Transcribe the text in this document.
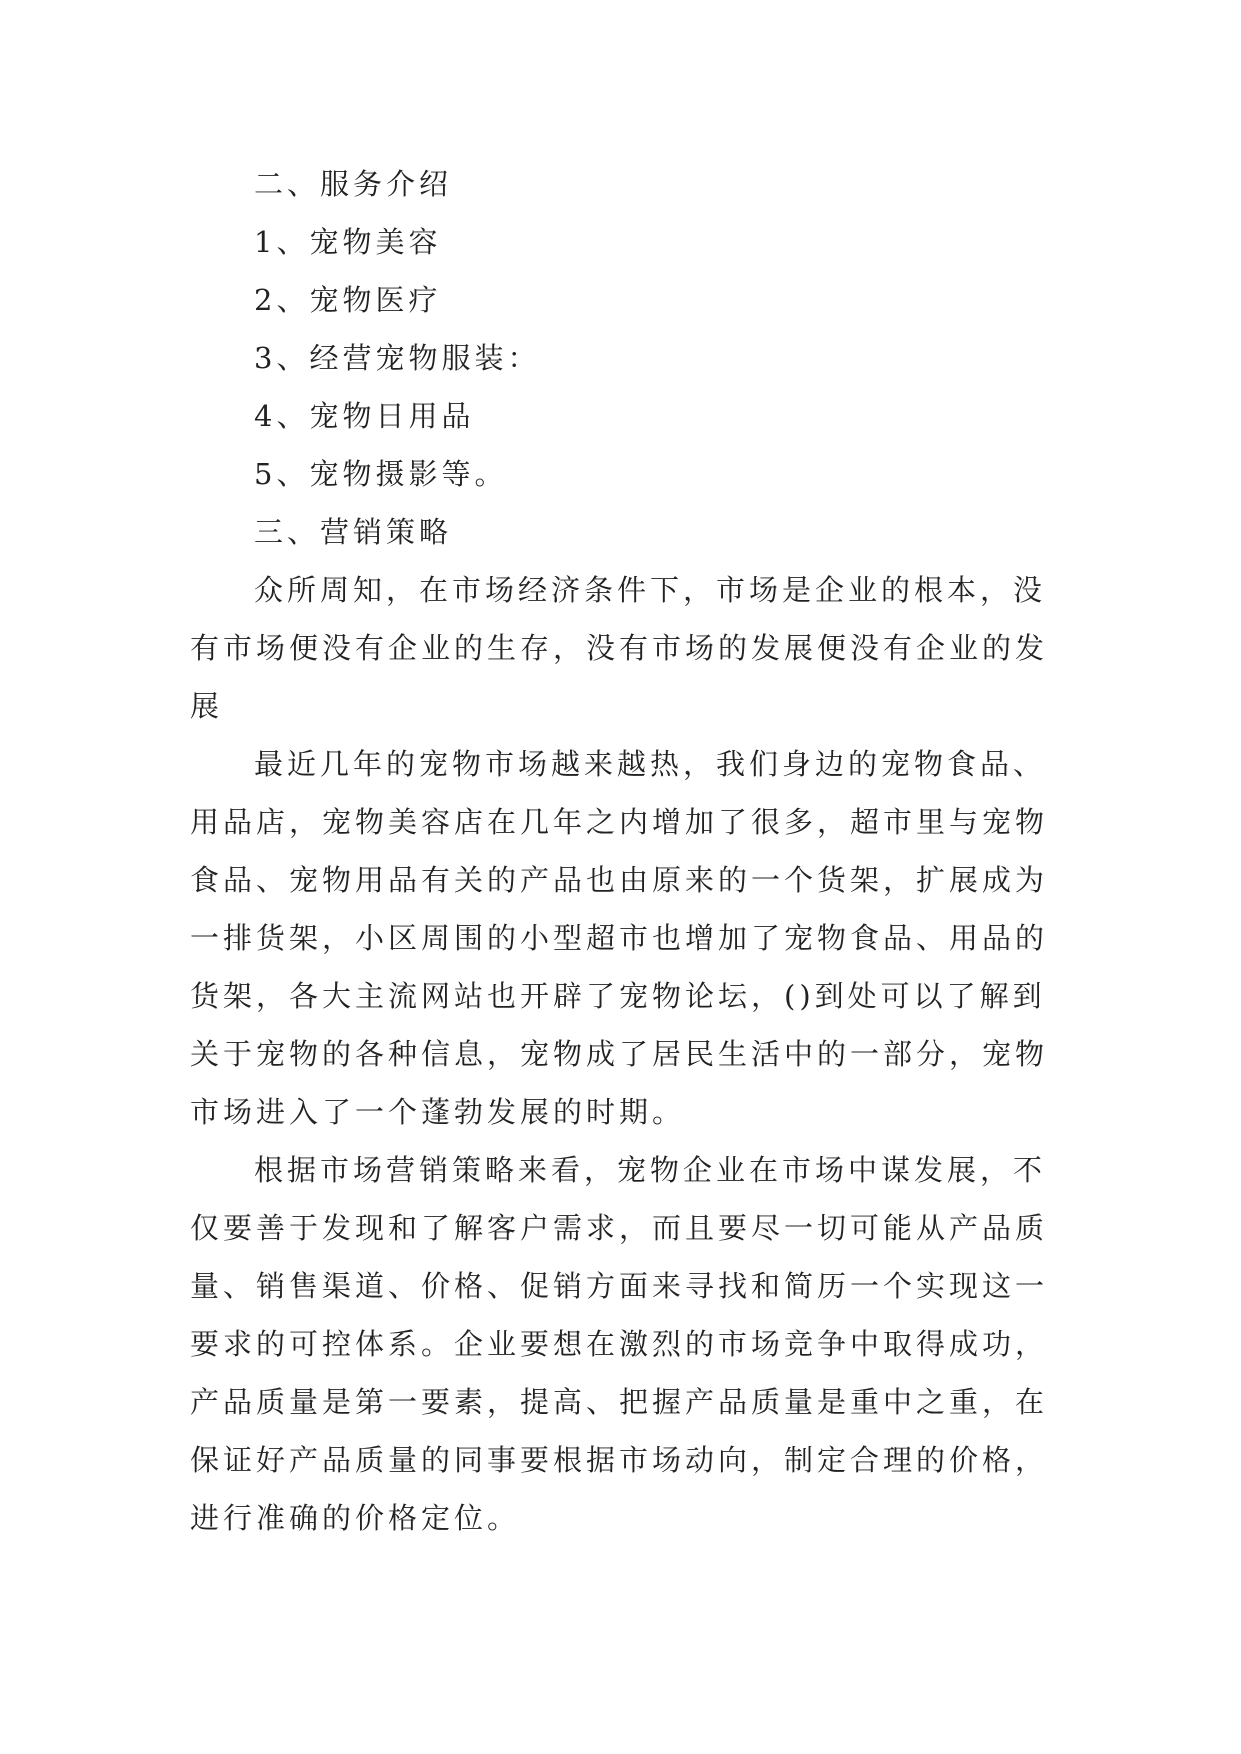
二、服务介绍
1、宠物美容
2、宠物医疗
3、经营宠物服装：
4、宠物日用品
5、宠物摄影等。
三、营销策略
众所周知，在市场经济条件下，市场是企业的根本，没
有市场便没有企业的生存，没有市场的发展便没有企业的发
展
最近几年的宠物市场越来越热，我们身边的宠物食品、
用品店，宠物美容店在几年之内增加了很多，超市里与宠物
食品、宠物用品有关的产品也由原来的一个货架，扩展成为
一排货架，小区周围的小型超市也增加了宠物食品、用品的
货架，各大主流网站也开辟了宠物论坛，()到处可以了解到
关于宠物的各种信息，宠物成了居民生活中的一部分，宠物
市场进入了一个蓬勃发展的时期。
根据市场营销策略来看，宠物企业在市场中谋发展，不
仅要善于发现和了解客户需求，而且要尽一切可能从产品质
量、销售渠道、价格、促销方面来寻找和简历一个实现这一
要求的可控体系。企业要想在激烈的市场竞争中取得成功，
产品质量是第一要素，提高、把握产品质量是重中之重，在
保证好产品质量的同事要根据市场动向，制定合理的价格，
进行准确的价格定位。
